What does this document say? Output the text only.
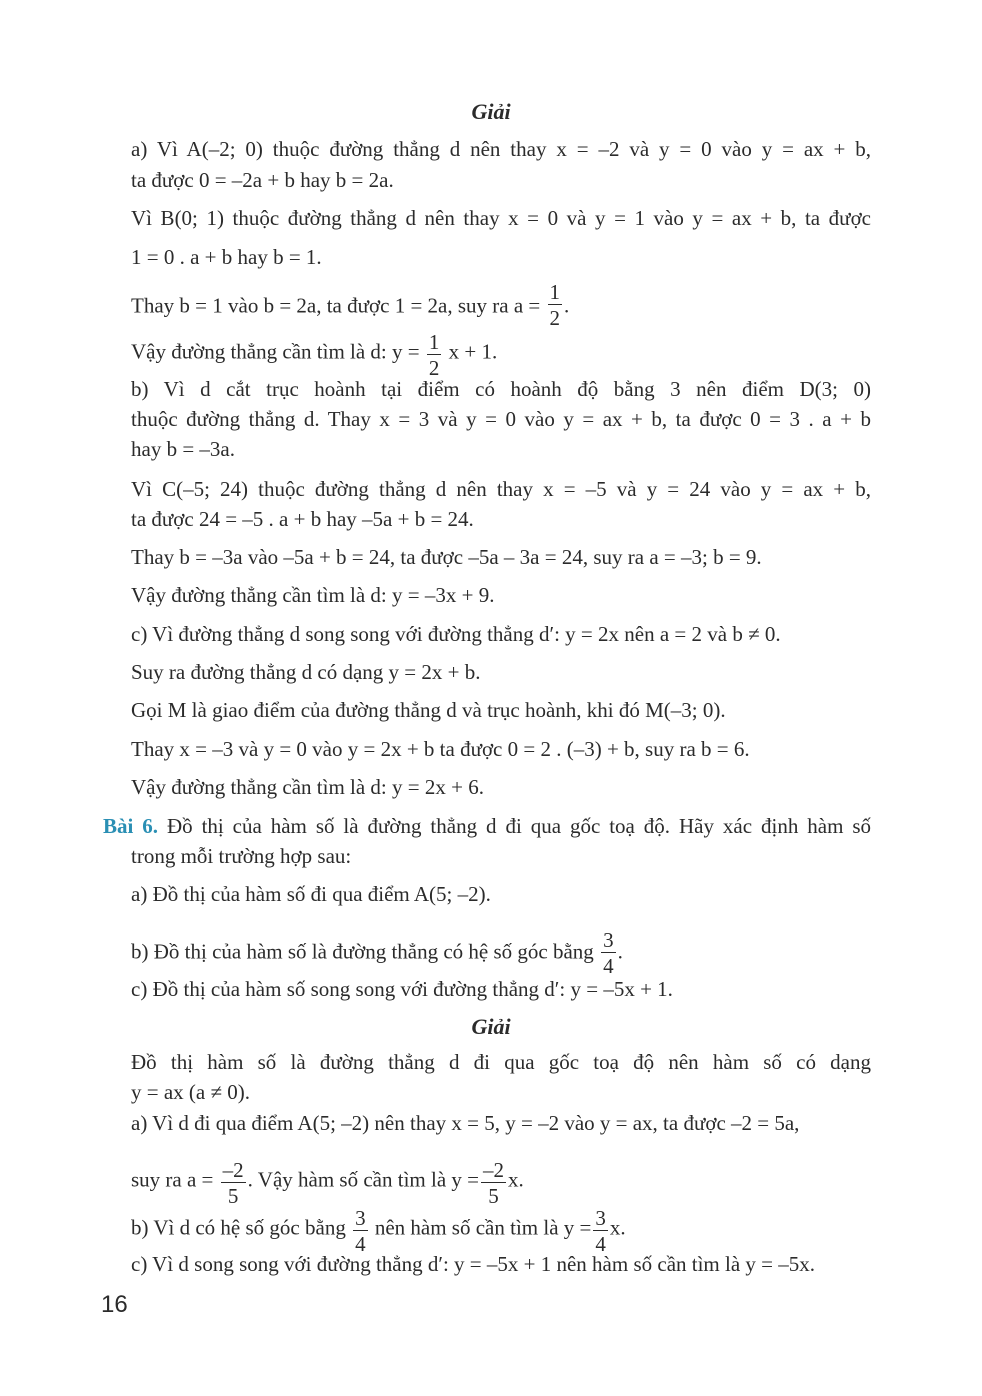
Giải
a) Vì A(–2; 0) thuộc đường thẳng d nên thay x = –2 và y = 0 vào y = ax + b,
ta được 0 = –2a + b hay b = 2a.
Vì B(0; 1) thuộc đường thẳng d nên thay x = 0 và y = 1 vào y = ax + b, ta được
1 = 0 . a + b hay b = 1.
Thay b = 1 vào b = 2a, ta được 1 = 2a, suy ra $a = \frac{1}{2}$ .
Vậy đường thẳng cần tìm là d: $y = \frac{1}{2}$ x + 1.
b) Vì d cắt trục hoành tại điểm có hoành độ bằng 3 nên điểm D(3; 0)
thuộc đường thẳng d. Thay x = 3 và y = 0 vào y = ax + b, ta được 0 = 3 . a + b
hay b = –3a.
Vì C(–5; 24) thuộc đường thẳng d nên thay x = –5 và y = 24 vào y = ax + b,
ta được 24 = –5 . a + b hay –5a + b = 24.
Thay b = –3a vào –5a + b = 24, ta được –5a – 3a = 24, suy ra a = –3; b = 9.
Vậy đường thẳng cần tìm là d: y = –3x + 9.
c) Vì đường thẳng d song song với đường thẳng d′: y = 2x nên a = 2 và b ≠ 0.
Suy ra đường thẳng d có dạng y = 2x + b.
Gọi M là giao điểm của đường thẳng d và trục hoành, khi đó M(–3; 0).
Thay x = –3 và y = 0 vào y = 2x + b ta được 0 = 2 . (–3) + b, suy ra b = 6.
Vậy đường thẳng cần tìm là d: y = 2x + 6.
Bài 6. Đồ thị của hàm số là đường thẳng d đi qua gốc toạ độ. Hãy xác định hàm số
trong mỗi trường hợp sau:
a) Đồ thị của hàm số đi qua điểm A(5; –2).
b) Đồ thị của hàm số là đường thẳng có hệ số góc bằng $\frac{3}{4}$ .
c) Đồ thị của hàm số song song với đường thẳng d′: y = –5x + 1.
Giải
Đồ thị hàm số là đường thẳng d đi qua gốc toạ độ nên hàm số có dạng
y = ax (a ≠ 0).
a) Vì d đi qua điểm A(5; –2) nên thay x = 5, y = –2 vào y = ax, ta được –2 = 5a,
suy ra $a = \frac{-2}{5}$ . Vậy hàm số cần tìm là $y = \frac{-2}{5} x$.
b) Vì d có hệ số góc bằng $\frac{3}{4}$ nên hàm số cần tìm là $y = \frac{3}{4} x$.
c) Vì d song song với đường thẳng d′: y = –5x + 1 nên hàm số cần tìm là y = –5x.
16
